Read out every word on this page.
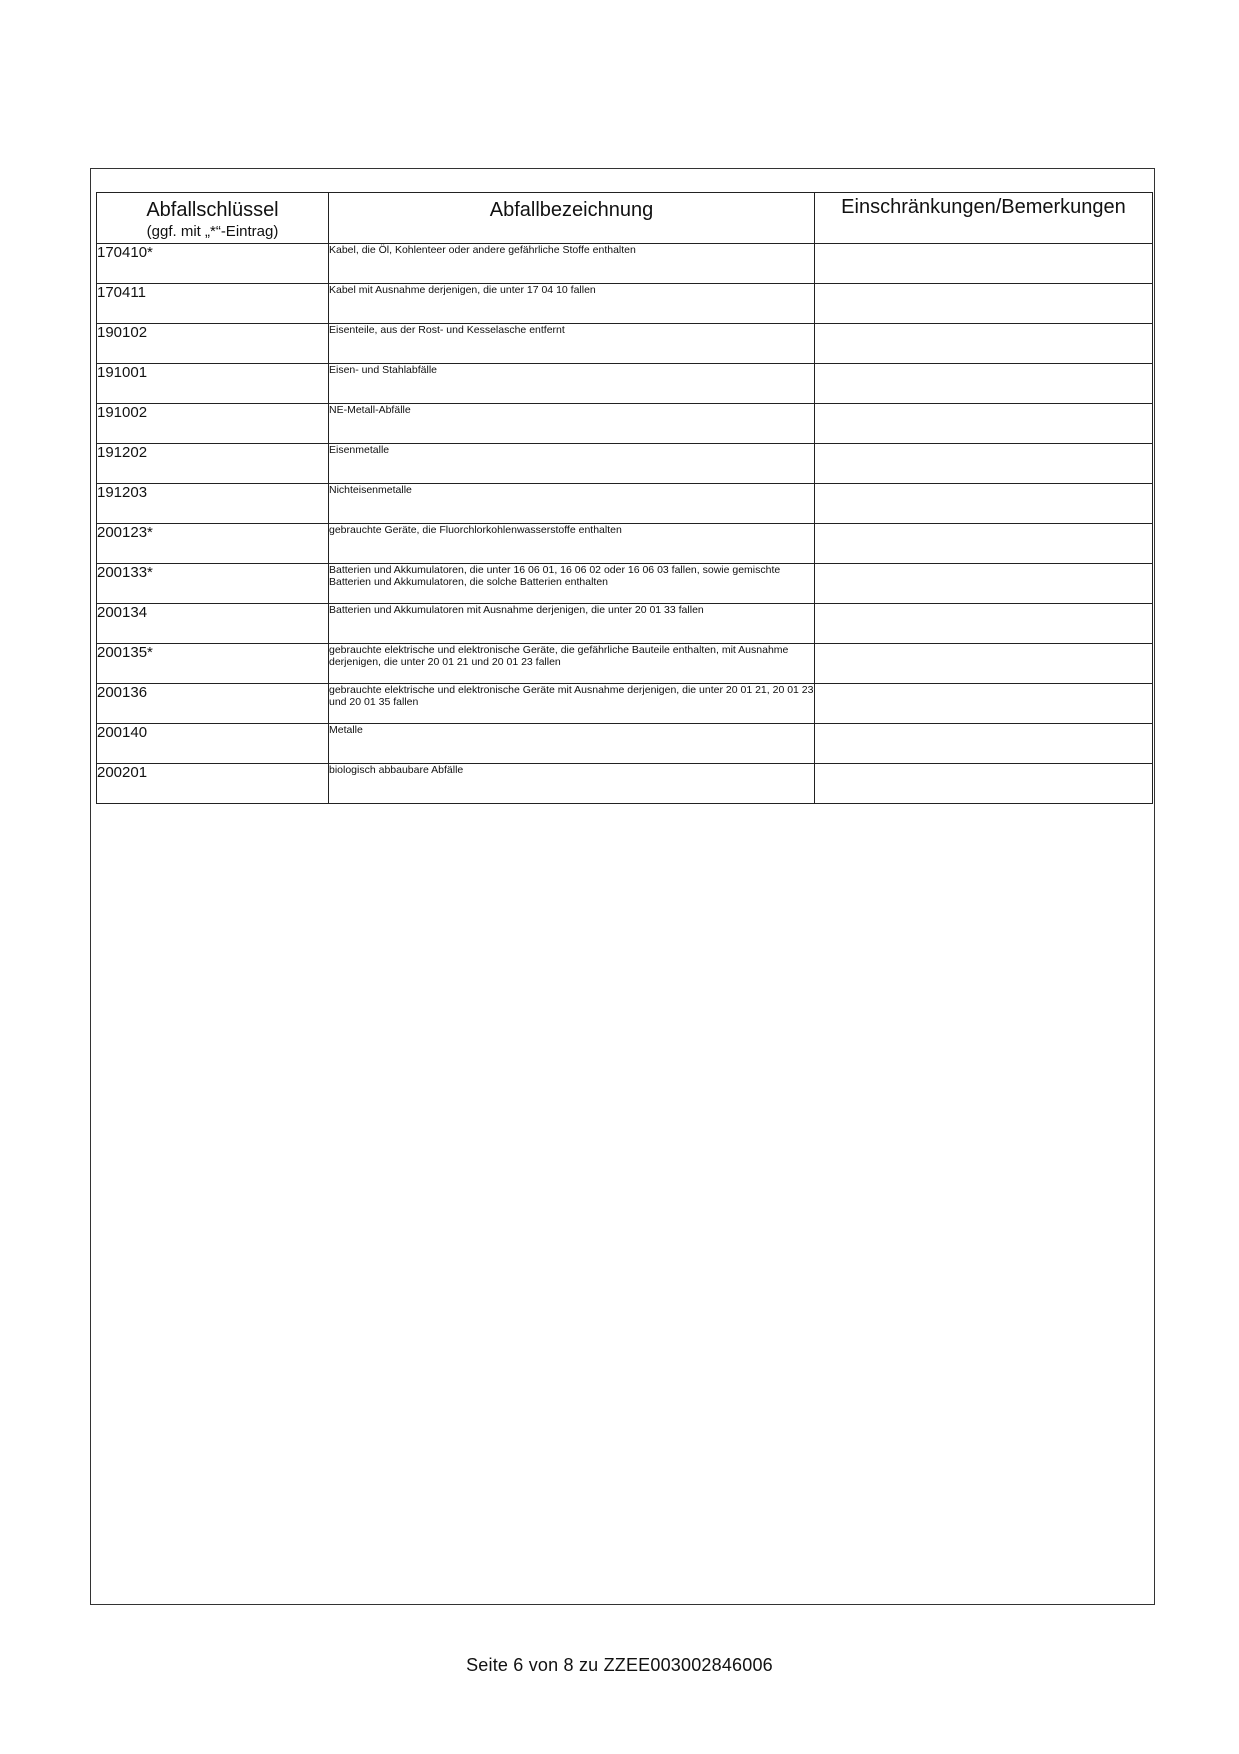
Abfallschlüssel
(ggf. mit „*“-Eintrag)	Abfallbezeichnung	Einschränkungen/Bemerkungen

170410*	Kabel, die Öl, Kohlenteer oder andere gefährliche Stoffe enthalten	
170411	Kabel mit Ausnahme derjenigen, die unter 17 04 10 fallen	
190102	Eisenteile, aus der Rost- und Kesselasche entfernt	
191001	Eisen- und Stahlabfälle	
191002	NE-Metall-Abfälle	
191202	Eisenmetalle	
191203	Nichteisenmetalle	
200123*	gebrauchte Geräte, die Fluorchlorkohlenwasserstoffe enthalten	
200133*	Batterien und Akkumulatoren, die unter 16 06 01, 16 06 02 oder 16 06 03 fallen, sowie gemischte Batterien und Akkumulatoren, die solche Batterien enthalten	
200134	Batterien und Akkumulatoren mit Ausnahme derjenigen, die unter 20 01 33 fallen	
200135*	gebrauchte elektrische und elektronische Geräte, die gefährliche Bauteile enthalten, mit Ausnahme derjenigen, die unter 20 01 21 und 20 01 23 fallen	
200136	gebrauchte elektrische und elektronische Geräte mit Ausnahme derjenigen, die unter 20 01 21, 20 01 23 und 20 01 35 fallen	
200140	Metalle	
200201	biologisch abbaubare Abfälle	
Seite 6 von 8 zu ZZEE003002846006
